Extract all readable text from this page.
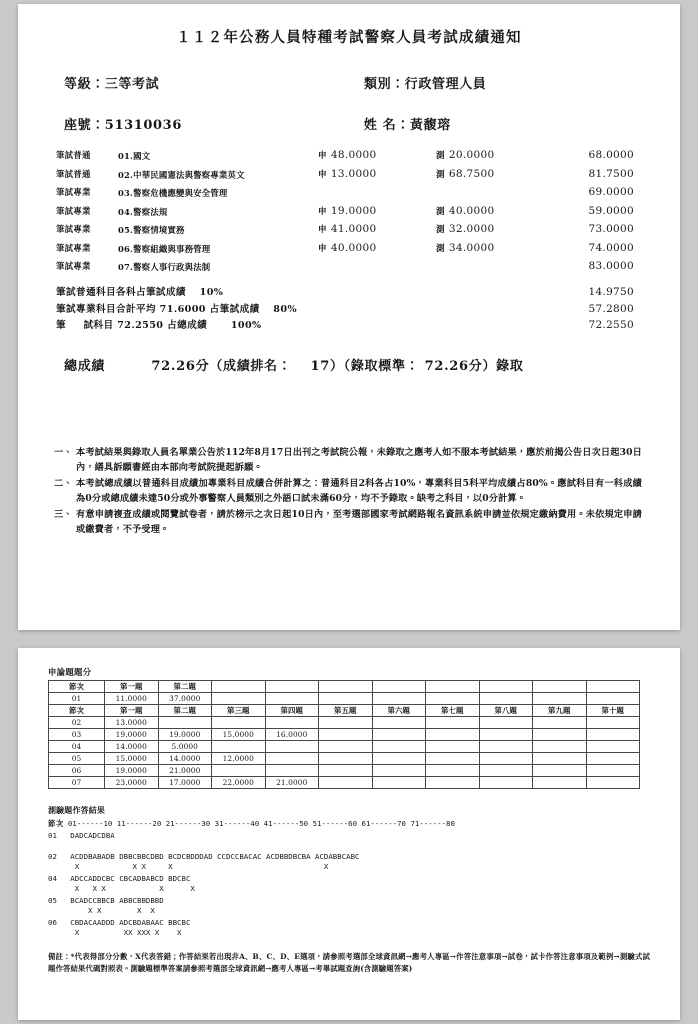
１１２年公務人員特種考試警察人員考試成績通知
等級：三等考試	類別：行政管理人員
座號：51310036	姓 名：黃馥瑢
筆試普通	01.國文	申 48.0000	測 20.0000	68.0000
筆試普通	02.中華民國憲法與警察專業英文	申 13.0000	測 68.7500	81.7500
筆試專業	03.警察危機應變與安全管理	69.0000
筆試專業	04.警察法規	申 19.0000	測 40.0000	59.0000
筆試專業	05.警察情境實務	申 41.0000	測 32.0000	73.0000
筆試專業	06.警察組織與事務管理	申 40.0000	測 34.0000	74.0000
筆試專業	07.警察人事行政與法制	83.0000
筆試普通科目各科占筆試成績　 10%	14.9750
筆試專業科目合計平均 71.6000 占筆試成績　 80%	57.2800
筆　  試科目 72.2550 占總成績　　 100%	72.2550
總成績　　　 72.26分（成績排名：　 17）（錄取標準： 72.26分）錄取
一、 本考試結果與錄取人員名單業公告於112年8月17日出刊之考試院公報，未錄取之應考人如不服本考試結果，應於前揭公告日次日起30日內，繕具訴願書經由本部向考試院提起訴願。
二、 本考試總成績以普通科目成績加專業科目成績合併計算之：普通科目2科各占10%，專業科目5科平均成績占80%。應試科目有一科成績為0分或總成績未達50分或外事警察人員類別之外語口試未滿60分，均不予錄取。缺考之科目，以0分計算。
三、 有意申請複查成績或閱覽試卷者，請於榜示之次日起10日內，至考選部國家考試網路報名資訊系統申請並依規定繳納費用。未依規定申請或繳費者，不予受理。
申論題題分
節次	第一題	第二題								
01	11.0000	37.0000								
節次	第一題	第二題	第三題	第四題	第五題	第六題	第七題	第八題	第九題	第十題
02	13.0000									
03	19.0000	19.0000	15.0000	16.0000						
04	14.0000	5.0000								
05	15.0000	14.0000	12.0000							
06	19.0000	21.0000								
07	23.0000	17.0000	22.0000	21.0000						
測驗題作答結果
節次 01------10 11------20 21------30 31------40 41------50 51------60 61------70 71------80
01 DADCADCDBA

02 ACDDBABADB DBBCBBCDBD BCDCBDDDAD CCDCCBACAC ACDBBDBCBA ACDABBCABC
X            X X     X                                  X
04 ADCCADDCBC CBCADBABCD BDCBC
X   X X            X      X
05 BCADCCBBCB ABBCBBDBBD
X X        X  X
06 CBDACAADDD ADCBDABAAC BBCBC
X          XX XXX X    X
備註：*代表得部分分數，X代表答錯；作答結果若出現非A、B、C、D、E選項，請參照考選部全球資訊網→應考人專區→作答注意事項→試卷，試卡作答注意事項及範例→測驗式試題作答結果代碼對照表。測驗題標準答案請參照考選部全球資訊網→應考人專區→考畢試題查詢(含測驗題答案)
